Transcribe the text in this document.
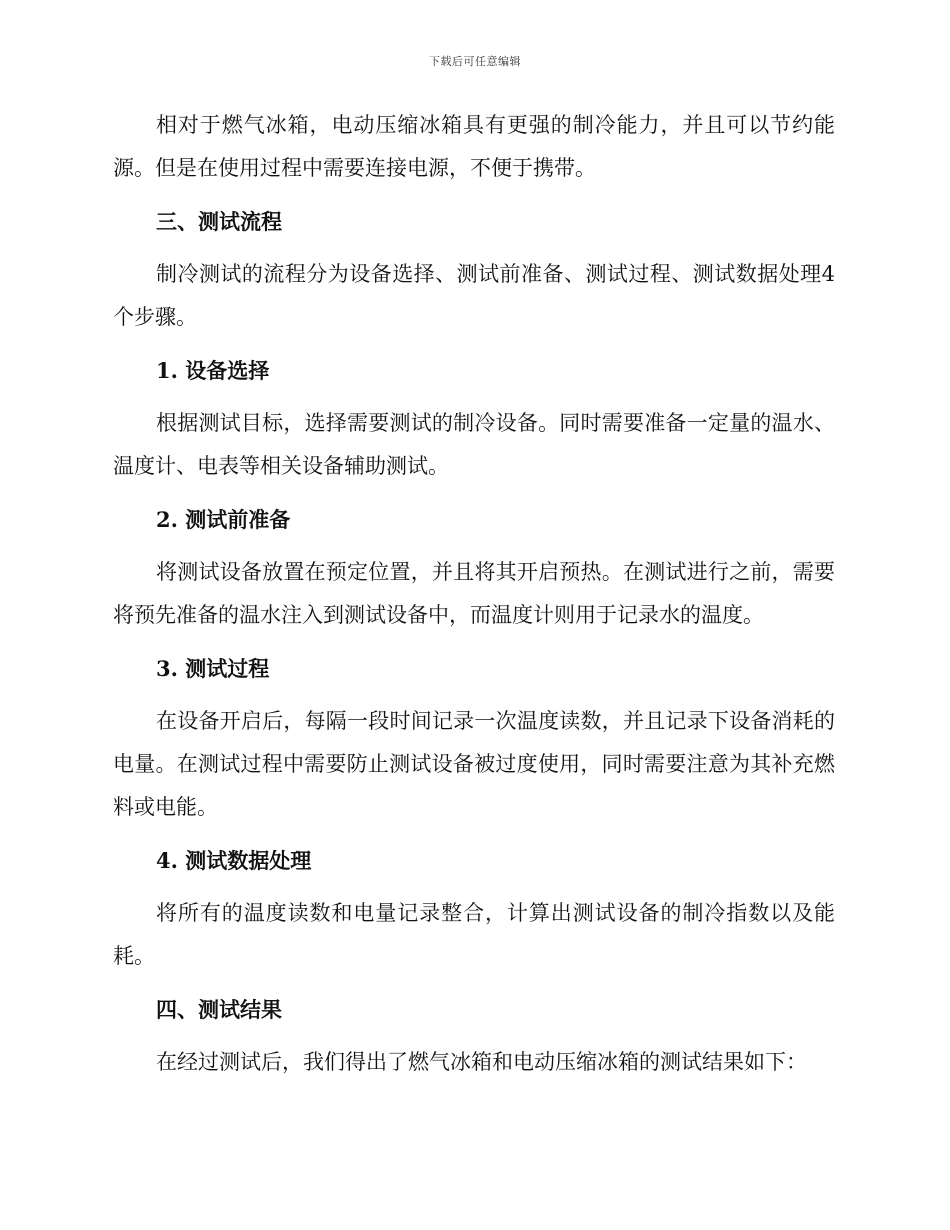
下载后可任意编辑

相对于燃气冰箱，电动压缩冰箱具有更强的制冷能力，并且可以节约能源。但是在使用过程中需要连接电源，不便于携带。

三、测试流程

制冷测试的流程分为设备选择、测试前准备、测试过程、测试数据处理4个步骤。

1. 设备选择

根据测试目标，选择需要测试的制冷设备。同时需要准备一定量的温水、温度计、电表等相关设备辅助测试。

2. 测试前准备

将测试设备放置在预定位置，并且将其开启预热。在测试进行之前，需要将预先准备的温水注入到测试设备中，而温度计则用于记录水的温度。

3. 测试过程

在设备开启后，每隔一段时间记录一次温度读数，并且记录下设备消耗的电量。在测试过程中需要防止测试设备被过度使用，同时需要注意为其补充燃料或电能。

4. 测试数据处理

将所有的温度读数和电量记录整合，计算出测试设备的制冷指数以及能耗。

四、测试结果

在经过测试后，我们得出了燃气冰箱和电动压缩冰箱的测试结果如下：
